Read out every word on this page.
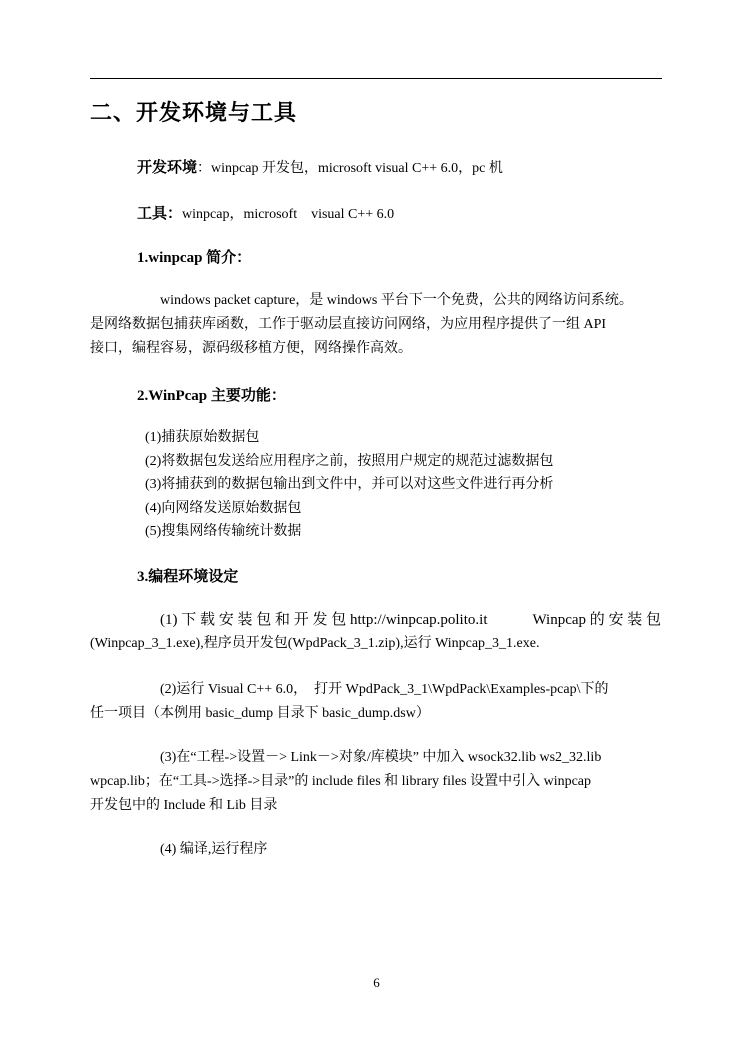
二、开发环境与工具
开发环境：winpcap 开发包，microsoft visual C++ 6.0，pc 机
工具：winpcap，microsoft　visual C++ 6.0
1.winpcap 简介：
windows packet capture，是 windows 平台下一个免费，公共的网络访问系统。
是网络数据包捕获库函数，工作于驱动层直接访问网络，为应用程序提供了一组 API
接口，编程容易，源码级移植方便，网络操作高效。
2.WinPcap 主要功能：
(1)捕获原始数据包
(2)将数据包发送给应用程序之前，按照用户规定的规范过滤数据包
(3)将捕获到的数据包输出到文件中，并可以对这些文件进行再分析
(4)向网络发送原始数据包
(5)搜集网络传输统计数据
3.编程环境设定
(1) 下 载 安 装 包 和 开 发 包 http://winpcap.polito.it　　　Winpcap 的 安 装 包
(Winpcap_3_1.exe),程序员开发包(WpdPack_3_1.zip),运行 Winpcap_3_1.exe.
(2)运行 Visual C++ 6.0，　打开 WpdPack_3_1\WpdPack\Examples-pcap\下的
任一项目（本例用 basic_dump 目录下 basic_dump.dsw）
(3)在“工程->设置－> Link－>对象/库模块” 中加入 wsock32.lib ws2_32.lib
wpcap.lib；在“工具->选择->目录”的 include files 和 library files 设置中引入 winpcap
开发包中的 Include 和 Lib 目录
(4) 编译,运行程序
6
